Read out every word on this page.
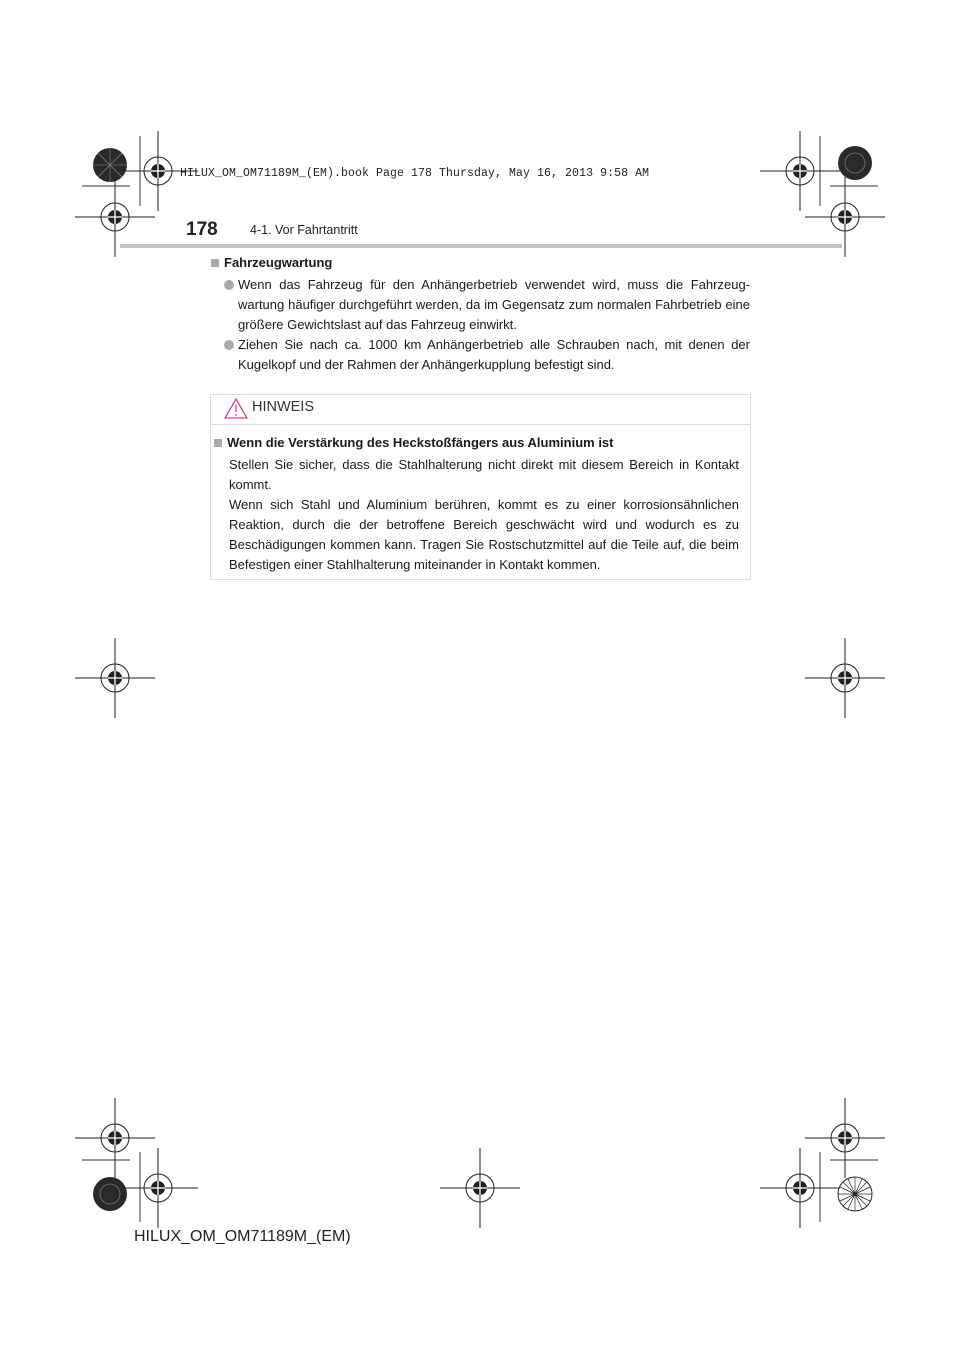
HILUX_OM_OM71189M_(EM).book Page 178 Thursday, May 16, 2013 9:58 AM
178	4-1. Vor Fahrtantritt
Fahrzeugwartung
Wenn das Fahrzeug für den Anhängerbetrieb verwendet wird, muss die Fahrzeug-wartung häufiger durchgeführt werden, da im Gegensatz zum normalen Fahrbetrieb eine größere Gewichtslast auf das Fahrzeug einwirkt.
Ziehen Sie nach ca. 1000 km Anhängerbetrieb alle Schrauben nach, mit denen der Kugelkopf und der Rahmen der Anhängerkupplung befestigt sind.
HINWEIS
Wenn die Verstärkung des Heckstoßfängers aus Aluminium ist
Stellen Sie sicher, dass die Stahlhalterung nicht direkt mit diesem Bereich in Kontakt kommt.
Wenn sich Stahl und Aluminium berühren, kommt es zu einer korrosionsähnlichen Reaktion, durch die der betroffene Bereich geschwächt wird und wodurch es zu Beschädigungen kommen kann. Tragen Sie Rostschutzmittel auf die Teile auf, die beim Befestigen einer Stahlhalterung miteinander in Kontakt kommen.
HILUX_OM_OM71189M_(EM)
